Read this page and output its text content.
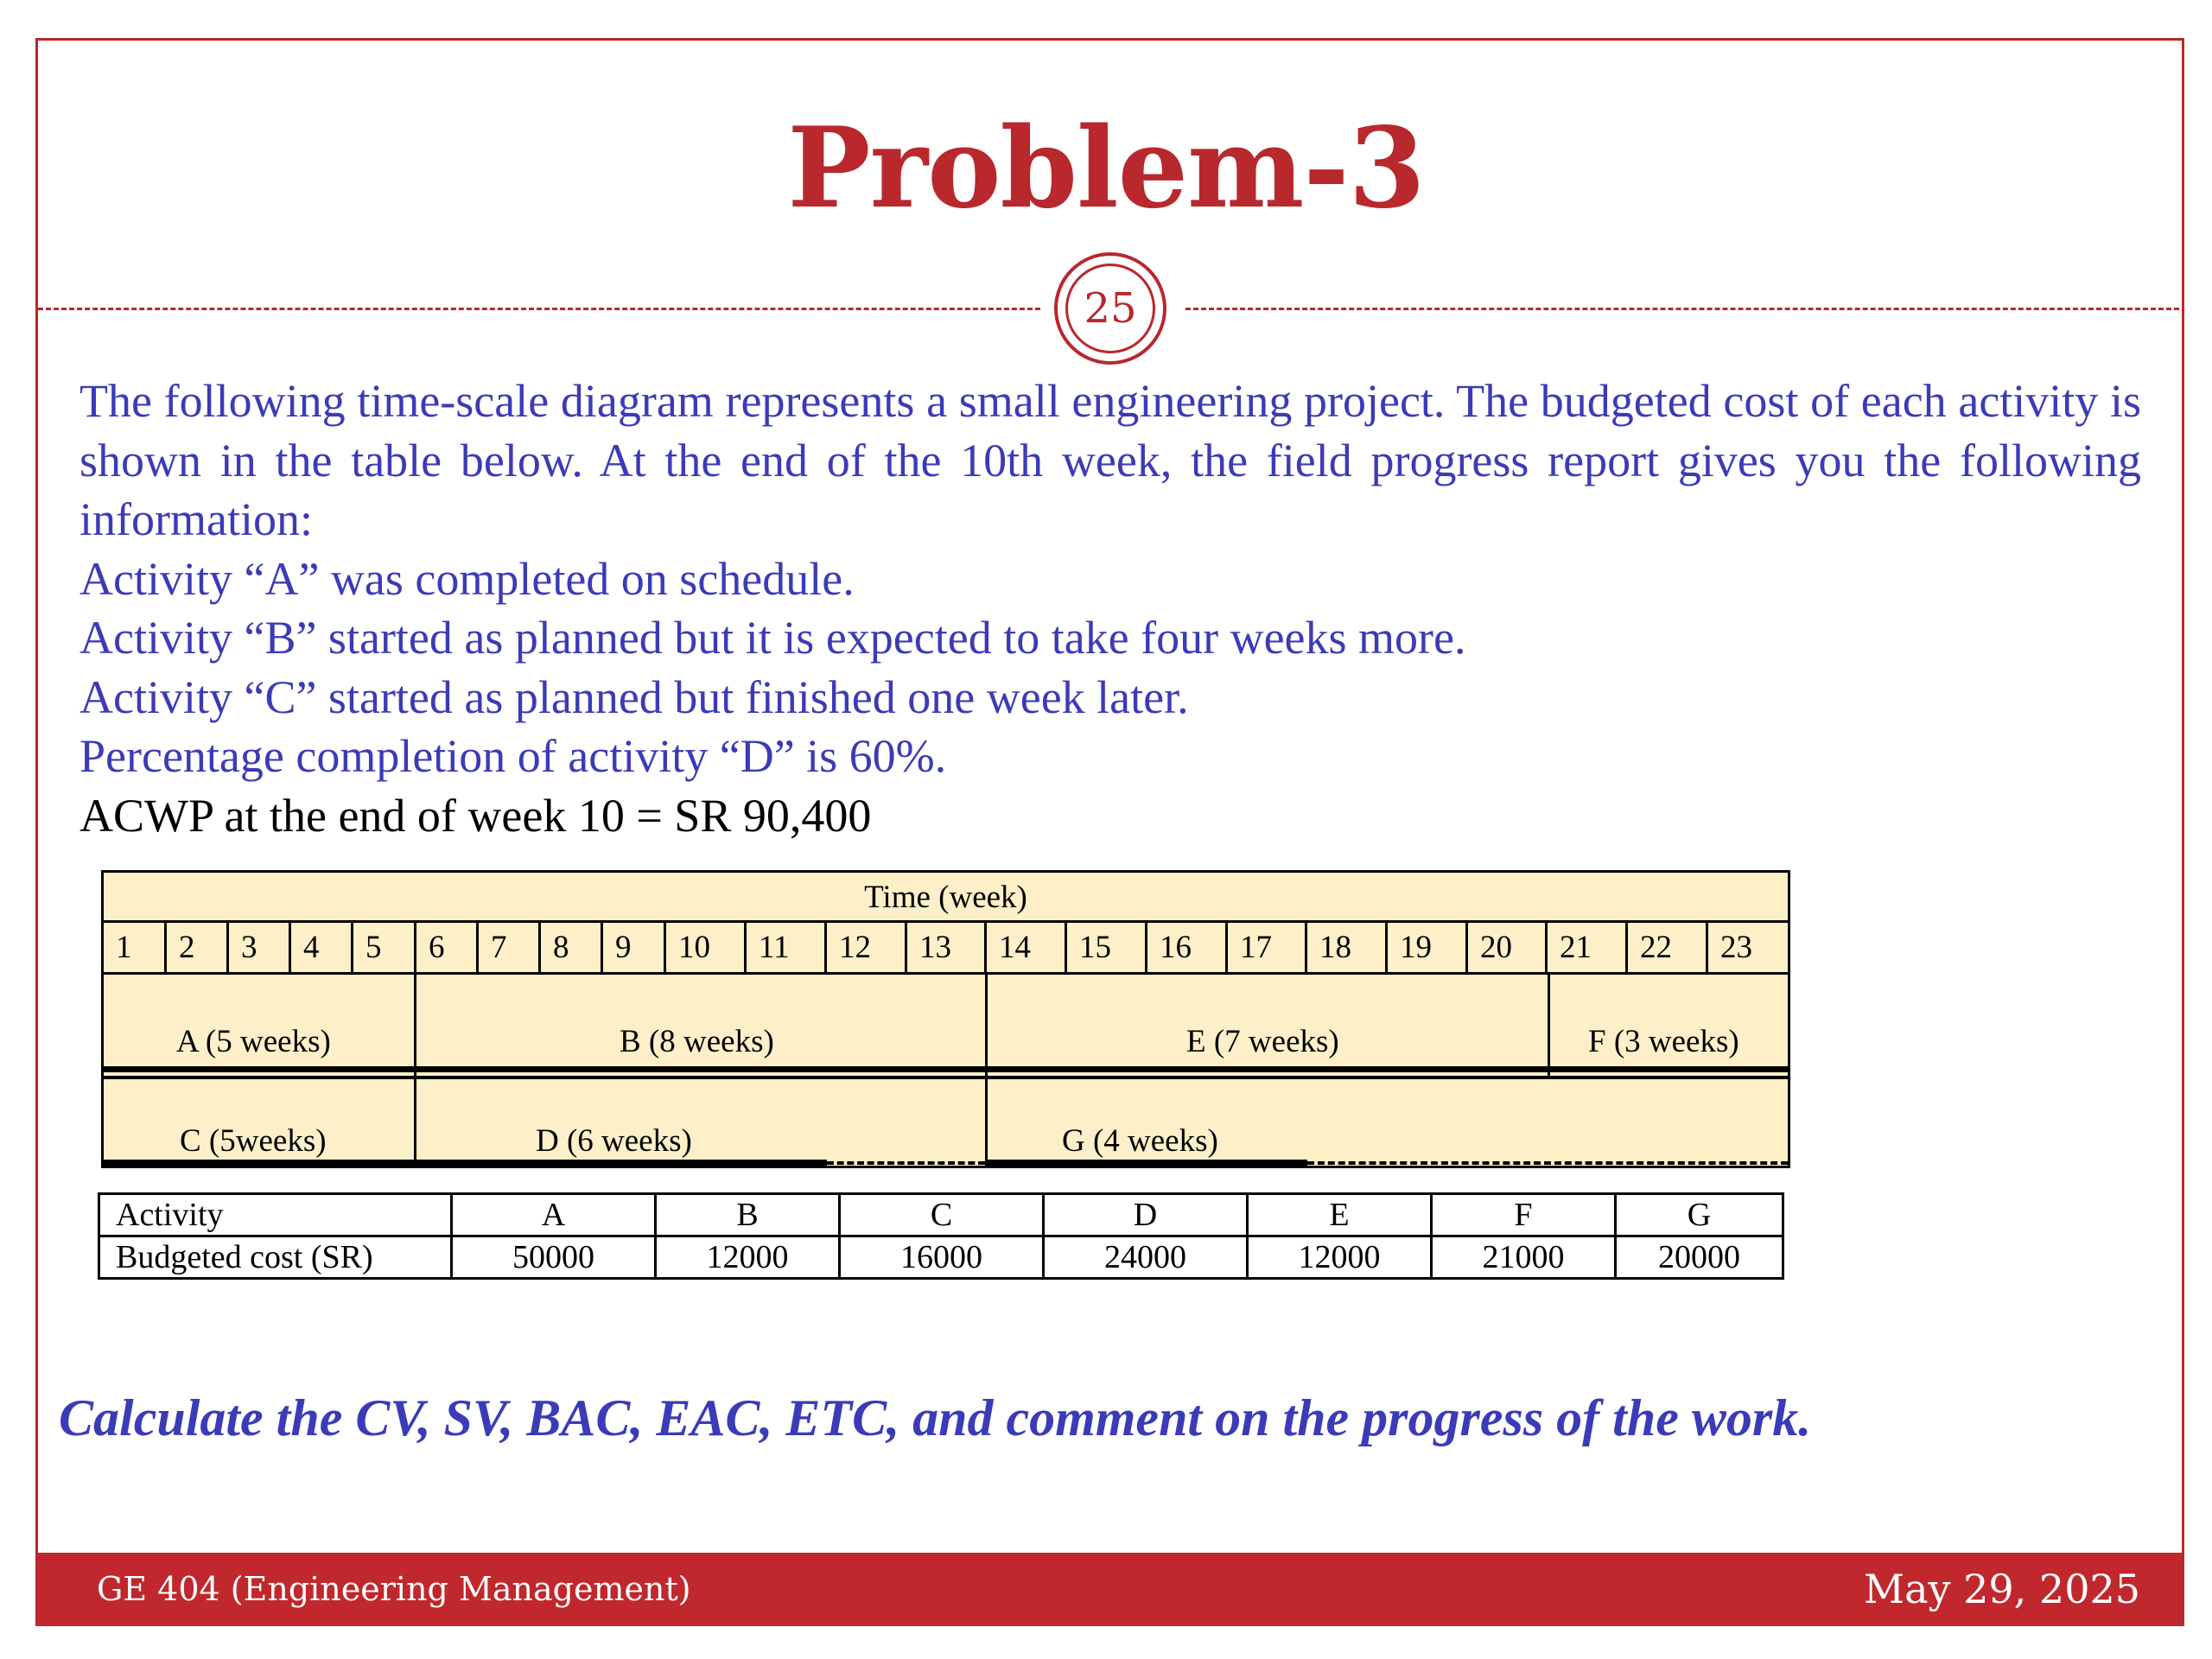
Problem-3
25
The following time-scale diagram represents a small engineering project. The budgeted cost of each activity is shown in the table below. At the end of the 10th week, the field progress report gives you the following information:
Activity “A” was completed on schedule.
Activity “B” started as planned but it is expected to take four weeks more.
Activity “C” started as planned but finished one week later.
Percentage completion of activity “D” is 60%.
ACWP at the end of week 10 = SR 90,400
Time (week)
1	2	3	4	5	6	7	8	9	10	11	12	13	14	15	16	17	18	19	20	21	22	23
A (5 weeks)	B (8 weeks)	E (7 weeks)	F (3 weeks)
C (5weeks)	D (6 weeks)	G (4 weeks)
Activity	A	B	C	D	E	F	G
Budgeted cost (SR)	50000	12000	16000	24000	12000	21000	20000
Calculate the CV, SV, BAC, EAC, ETC, and comment on the progress of the work.
GE 404 (Engineering Management)	May 29, 2025
